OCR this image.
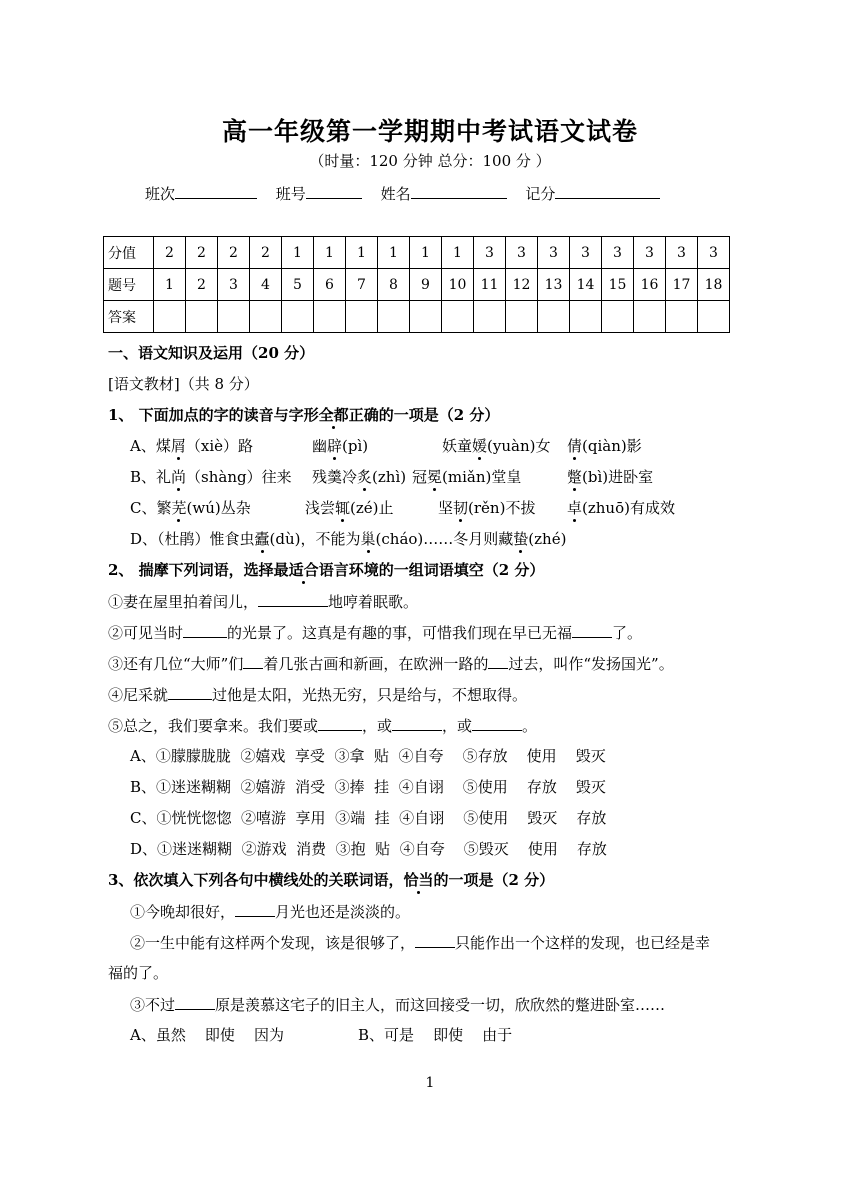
高一年级第一学期期中考试语文试卷
（时量：120 分钟 总分：100 分 ）
班次	班号	姓名	记分
分值	2	2	2	2	1	1	1	1	1	1	3	3	3	3	3	3	3	3
题号	1	2	3	4	5	6	7	8	9	10	11	12	13	14	15	16	17	18
答案																		
一、语文知识及运用（20 分）
[语文教材]（共 8 分）
1、 下面加点的字的读音与字形全都正确的一项是（2 分）
A、煤屑（xiè）路	幽辟(pì)	妖童媛(yuàn)女 倩(qiàn)影
B、礼尚（shàng）往来 残羹冷炙(zhì) 冠冕(miǎn)堂皇	蹩(bì)进卧室
C、繁芜(wú)丛杂	浅尝辄(zé)止	坚韧(rěn)不拔 卓(zhuō)有成效
D、（杜鹃）惟食虫蠹(dù)，不能为巢(cháo)……冬月则藏蛰(zhé)
2、 揣摩下列词语，选择最适合语言环境的一组词语填空（2 分）
①妻在屋里拍着闰儿，	地哼着眠歌。
②可见当时	的光景了。这真是有趣的事，可惜我们现在早已无福	了。
③还有几位“大师”们 着几张古画和新画，在欧洲一路的 过去，叫作“发扬国光”。
④尼采就	过他是太阳，光热无穷，只是给与，不想取得。
⑤总之，我们要拿来。我们要或	，或	，或	。
A、①朦朦胧胧  ②嬉戏  享受  ③拿  贴  ④自夸    ⑤存放    使用    毁灭
B、①迷迷糊糊  ②嬉游  消受  ③捧  挂  ④自诩    ⑤使用    存放    毁灭
C、①恍恍惚惚  ②嘻游  享用  ③端  挂  ④自诩    ⑤使用    毁灭    存放
D、①迷迷糊糊  ②游戏  消费  ③抱  贴  ④自夸    ⑤毁灭    使用    存放
3、依次填入下列各句中横线处的关联词语，恰当的一项是（2 分）
①今晚却很好，	月光也还是淡淡的。
②一生中能有这样两个发现，该是很够了，	只能作出一个这样的发现，也已经是幸
福的了。
③不过	原是羡慕这宅子的旧主人，而这回接受一切，欣欣然的蹩进卧室……
A、虽然    即使    因为	B、可是    即使    由于
1
